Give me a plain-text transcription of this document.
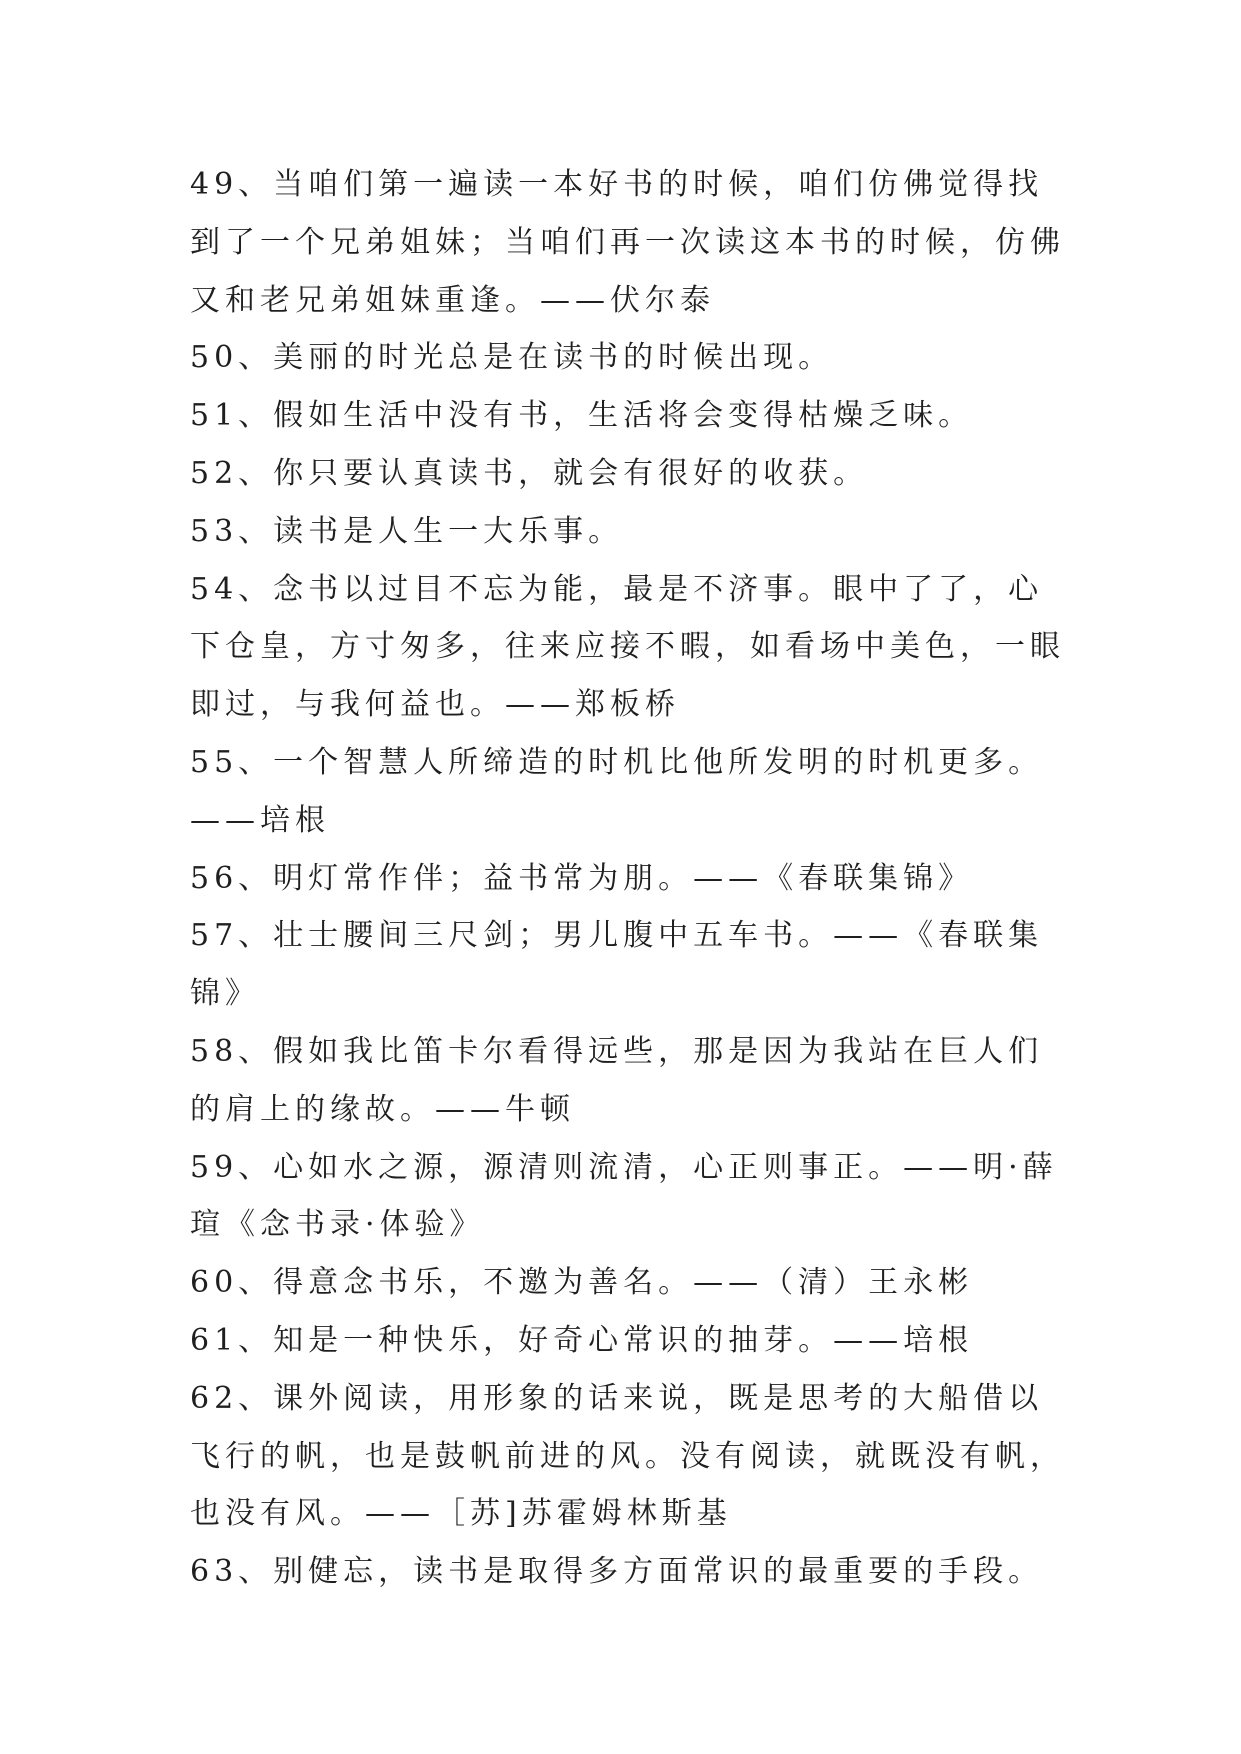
49、当咱们第一遍读一本好书的时候，咱们仿佛觉得找到了一个兄弟姐妹；当咱们再一次读这本书的时候，仿佛又和老兄弟姐妹重逢。——伏尔泰

50、美丽的时光总是在读书的时候出现。

51、假如生活中没有书，生活将会变得枯燥乏味。

52、你只要认真读书，就会有很好的收获。

53、读书是人生一大乐事。

54、念书以过目不忘为能，最是不济事。眼中了了，心下仓皇，方寸匆多，往来应接不暇，如看场中美色，一眼即过，与我何益也。——郑板桥

55、一个智慧人所缔造的时机比他所发明的时机更多。——培根

56、明灯常作伴；益书常为朋。——《春联集锦》

57、壮士腰间三尺剑；男儿腹中五车书。——《春联集锦》

58、假如我比笛卡尔看得远些，那是因为我站在巨人们的肩上的缘故。——牛顿

59、心如水之源，源清则流清，心正则事正。——明·薛瑄《念书录·体验》

60、得意念书乐，不邀为善名。——（清）王永彬

61、知是一种快乐，好奇心常识的抽芽。——培根

62、课外阅读，用形象的话来说，既是思考的大船借以飞行的帆，也是鼓帆前进的风。没有阅读，就既没有帆，也没有风。——［苏]苏霍姆林斯基

63、别健忘，读书是取得多方面常识的最重要的手段。
